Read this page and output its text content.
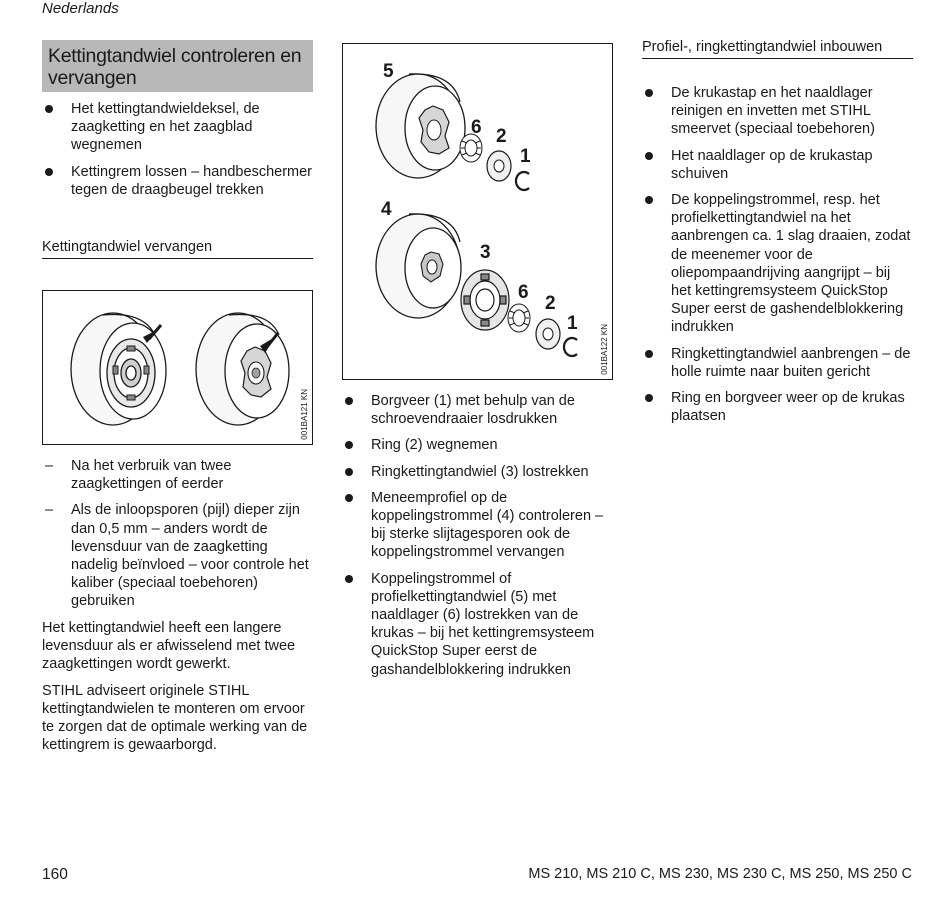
Nederlands
Kettingtandwiel controleren en vervangen
Het kettingtandwieldeksel, de zaagketting en het zaagblad wegnemen
Kettingrem lossen – handbeschermer tegen de draagbeugel trekken
Kettingtandwiel vervangen
001BA121 KN
– Na het verbruik van twee zaagkettingen of eerder
– Als de inloopsporen (pijl) dieper zijn dan 0,5 mm – anders wordt de levensduur van de zaagketting nadelig beïnvloed – voor controle het kaliber (speciaal toebehoren) gebruiken

Het kettingtandwiel heeft een langere levensduur als er afwisselend met twee zaagkettingen wordt gewerkt.

STIHL adviseert originele STIHL kettingtandwielen te monteren om ervoor te zorgen dat de optimale werking van de kettingrem is gewaarborgd.

5
6 2
1
4
3
6
2
1
001BA122 KN
Borgveer (1) met behulp van de schroevendraaier losdrukken
Ring (2) wegnemen
Ringkettingtandwiel (3) lostrekken
Meneemprofiel op de koppelingstrommel (4) controleren – bij sterke slijtagesporen ook de koppelingstrommel vervangen
Koppelingstrommel of profielkettingtandwiel (5) met naaldlager (6) lostrekken van de krukas – bij het kettingremsysteem QuickStop Super eerst de gashandelblokkering indrukken
Profiel-, ringkettingtandwiel inbouwen
De krukastap en het naaldlager reinigen en invetten met STIHL smeervet (speciaal toebehoren)
Het naaldlager op de krukastap schuiven
De koppelingstrommel, resp. het profielkettingtandwiel na het aanbrengen ca. 1 slag draaien, zodat de meenemer voor de oliepompaandrijving aangrijpt – bij het kettingremsysteem QuickStop Super eerst de gashendelblokkering indrukken
Ringkettingtandwiel aanbrengen – de holle ruimte naar buiten gericht
Ring en borgveer weer op de krukas plaatsen
160	MS 210, MS 210 C, MS 230, MS 230 C, MS 250, MS 250 C
